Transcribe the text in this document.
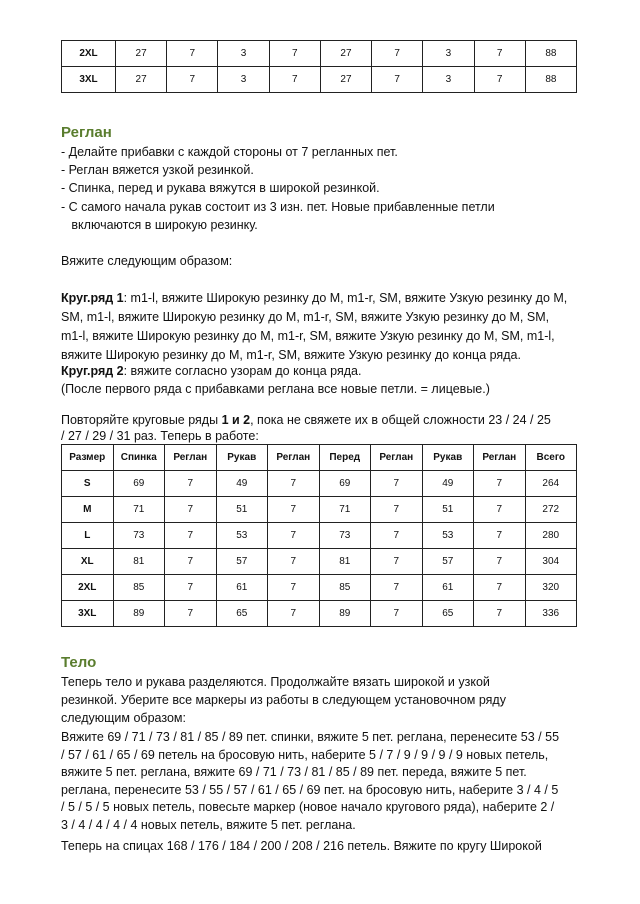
2XL	27	7	3	7	27	7	3	7	88
3XL	27	7	3	7	27	7	3	7	88
Реглан

- Делайте прибавки с каждой стороны от 7 регланных пет.

- Реглан вяжется узкой резинкой.

- Спинка, перед и рукава вяжутся в широкой резинкой.

- С самого начала рукав состоит из 3 изн. пет. Новые прибавленные петли

включаются в широкую резинку.

Вяжите следующим образом:

Круг.ряд 1: m1-l, вяжите Широкую резинку до М, m1-r, SM, вяжите Узкую резинку до М, SM, m1-l, вяжите Широкую резинку до М, m1-r, SM, вяжите Узкую резинку до М, SM, m1-l, вяжите Широкую резинку до М, m1-r, SM, вяжите Узкую резинку до М, SM, m1-l, вяжите Широкую резинку до М, m1-r, SM, вяжите Узкую резинку до конца ряда.

Круг.ряд 2: вяжите согласно узорам до конца ряда.

(После первого ряда с прибавками реглана все новые петли. = лицевые.)

Повторяйте круговые ряды 1 и 2, пока не свяжете их в общей сложности 23 / 24 / 25 / 27 / 29 / 31 раз. Теперь в работе:

Размер	Спинка	Реглан	Рукав	Реглан	Перед	Реглан	Рукав	Реглан	Всего
S	69	7	49	7	69	7	49	7	264
M	71	7	51	7	71	7	51	7	272
L	73	7	53	7	73	7	53	7	280
XL	81	7	57	7	81	7	57	7	304
2XL	85	7	61	7	85	7	61	7	320
3XL	89	7	65	7	89	7	65	7	336
Тело

Теперь тело и рукава разделяются. Продолжайте вязать широкой и узкой резинкой. Уберите все маркеры из работы в следующем установочном ряду следующим образом:

Вяжите 69 / 71 / 73 / 81 / 85 / 89 пет. спинки, вяжите 5 пет. реглана, перенесите 53 / 55 / 57 / 61 / 65 / 69 петель на бросовую нить, наберите 5 / 7 / 9 / 9 / 9 / 9 новых петель, вяжите 5 пет. реглана, вяжите 69 / 71 / 73 / 81 / 85 / 89 пет. переда, вяжите 5 пет. реглана, перенесите 53 / 55 / 57 / 61 / 65 / 69 пет. на бросовую нить, наберите 3 / 4 / 5 / 5 / 5 / 5 новых петель, повесьте маркер (новое начало кругового ряда), наберите 2 / 3 / 4 / 4 / 4 / 4 новых петель, вяжите 5 пет. реглана.

Теперь на спицах 168 / 176 / 184 / 200 / 208 / 216 петель. Вяжите по кругу Широкой
